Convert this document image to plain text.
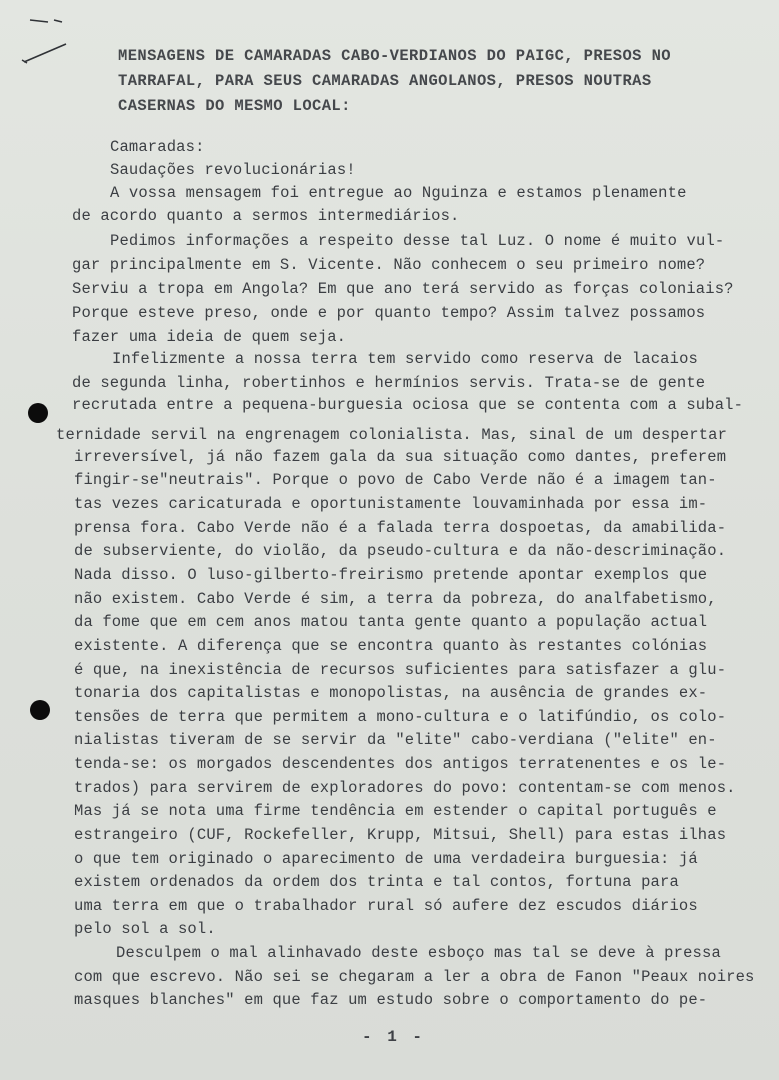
MENSAGENS DE CAMARADAS CABO-VERDIANOS DO PAIGC, PRESOS NO
TARRAFAL, PARA SEUS CAMARADAS ANGOLANOS, PRESOS NOUTRAS
CASERNAS DO MESMO LOCAL:
Camaradas:
Saudações revolucionárias!
A vossa mensagem foi entregue ao Nguinza e estamos plenamente
de acordo quanto a sermos intermediários.
Pedimos informações a respeito desse tal Luz. O nome é muito vul-
gar principalmente em S. Vicente. Não conhecem o seu primeiro nome?
Serviu a tropa em Angola? Em que ano terá servido as forças coloniais?
Porque esteve preso, onde e por quanto tempo? Assim talvez possamos
fazer uma ideia de quem seja.
Infelizmente a nossa terra tem servido como reserva de lacaios
de segunda linha, robertinhos e hermínios servis. Trata-se de gente
recrutada entre a pequena-burguesia ociosa que se contenta com a subal-
ternidade servil na engrenagem colonialista. Mas, sinal de um despertar
irreversível, já não fazem gala da sua situação como dantes, preferem
fingir-se"neutrais". Porque o povo de Cabo Verde não é a imagem tan-
tas vezes caricaturada e oportunistamente louvaminhada por essa im-
prensa fora. Cabo Verde não é a falada terra dospoetas, da amabilida-
de subserviente, do violão, da pseudo-cultura e da não-descriminação.
Nada disso. O luso-gilberto-freirismo pretende apontar exemplos que
não existem. Cabo Verde é sim, a terra da pobreza, do analfabetismo,
da fome que em cem anos matou tanta gente quanto a população actual
existente. A diferença que se encontra quanto às restantes colónias
é que, na inexistência de recursos suficientes para satisfazer a glu-
tonaria dos capitalistas e monopolistas, na ausência de grandes ex-
tensões de terra que permitem a mono-cultura e o latifúndio, os colo-
nialistas tiveram de se servir da "elite" cabo-verdiana ("elite" en-
tenda-se: os morgados descendentes dos antigos terratenentes e os le-
trados) para servirem de exploradores do povo: contentam-se com menos.
Mas já se nota uma firme tendência em estender o capital português e
estrangeiro (CUF, Rockefeller, Krupp, Mitsui, Shell) para estas ilhas
o que tem originado o aparecimento de uma verdadeira burguesia: já
existem ordenados da ordem dos trinta e tal contos, fortuna para
uma terra em que o trabalhador rural só aufere dez escudos diários
pelo sol a sol.
Desculpem o mal alinhavado deste esboço mas tal se deve à pressa
com que escrevo. Não sei se chegaram a ler a obra de Fanon "Peaux noires
masques blanches" em que faz um estudo sobre o comportamento do pe-
- 1 -
